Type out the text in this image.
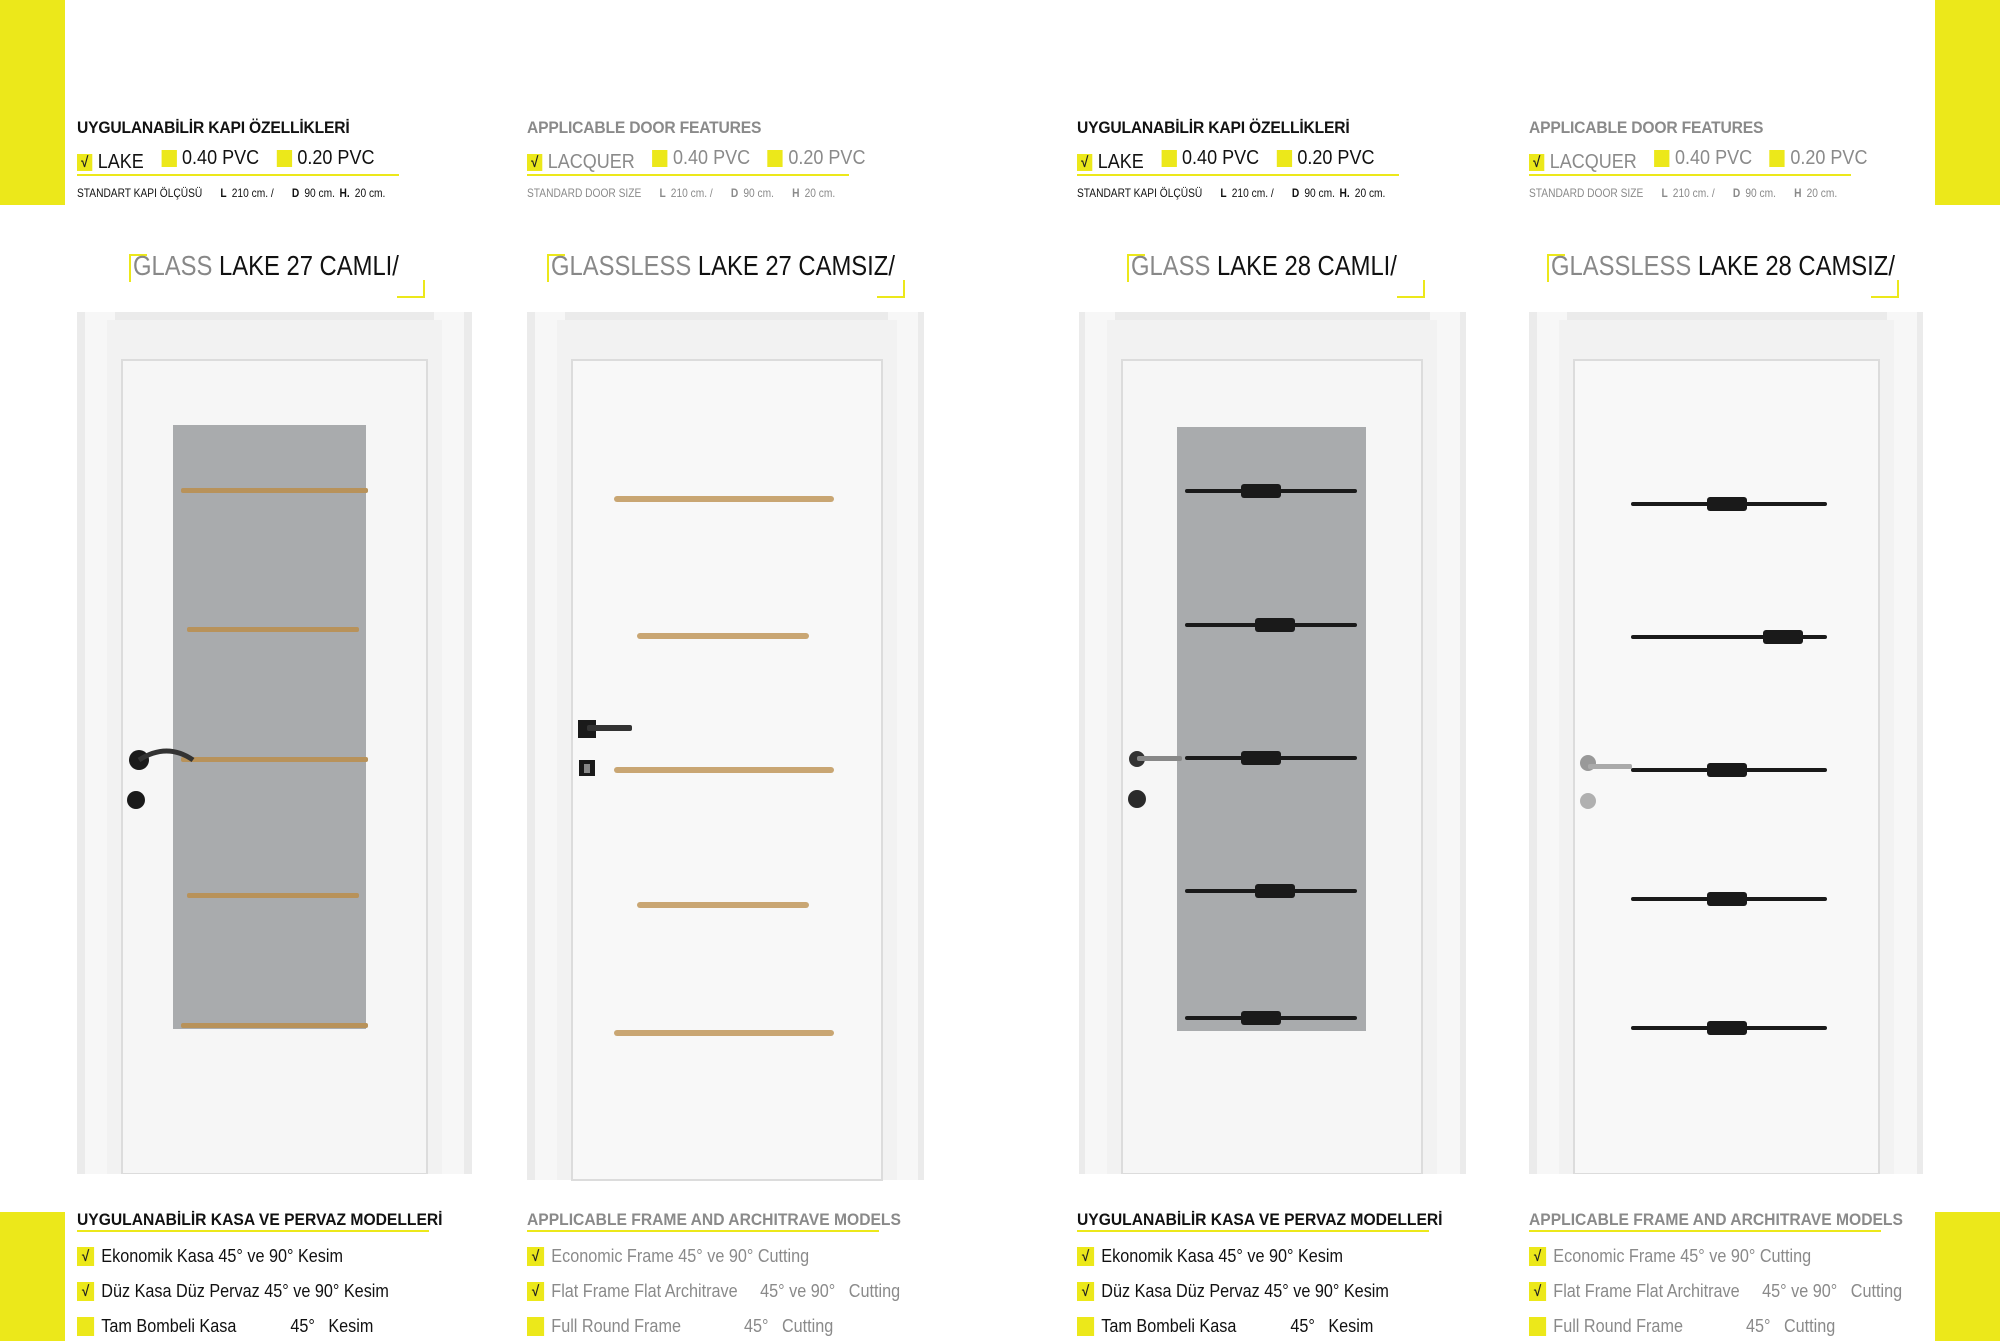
UYGULANABİLİR KAPI ÖZELLİKLERİ
√ LAKE
0.40 PVC
0.20 PVC
STANDART KAPI ÖLÇÜSÜ L 210 cm. / D 90 cm. H. 20 cm.
GLASS LAKE 27 CAMLI/
UYGULANABİLİR KASA VE PERVAZ MODELLERİ
√ Ekonomik Kasa 45° ve 90° Kesim
√ Düz Kasa Düz Pervaz 45° ve 90° Kesim
Tam Bombeli Kasa            45°   Kesim
APPLICABLE DOOR FEATURES
√ LACQUER
0.40 PVC
0.20 PVC
STANDARD DOOR SIZE L 210 cm. / D 90 cm. H 20 cm.
GLASSLESS LAKE 27 CAMSIZ/
APPLICABLE FRAME AND ARCHITRAVE MODELS
√ Economic Frame 45° ve 90° Cutting
√ Flat Frame Flat Architrave     45° ve 90°   Cutting
Full Round Frame              45°   Cutting
UYGULANABİLİR KAPI ÖZELLİKLERİ
√ LAKE
0.40 PVC
0.20 PVC
STANDART KAPI ÖLÇÜSÜ L 210 cm. / D 90 cm. H. 20 cm.
GLASS LAKE 28 CAMLI/
UYGULANABİLİR KASA VE PERVAZ MODELLERİ
√ Ekonomik Kasa 45° ve 90° Kesim
√ Düz Kasa Düz Pervaz 45° ve 90° Kesim
Tam Bombeli Kasa            45°   Kesim
APPLICABLE DOOR FEATURES
√ LACQUER
0.40 PVC
0.20 PVC
STANDARD DOOR SIZE L 210 cm. / D 90 cm. H 20 cm.
GLASSLESS LAKE 28 CAMSIZ/
APPLICABLE FRAME AND ARCHITRAVE MODELS
√ Economic Frame 45° ve 90° Cutting
√ Flat Frame Flat Architrave     45° ve 90°   Cutting
Full Round Frame              45°   Cutting
